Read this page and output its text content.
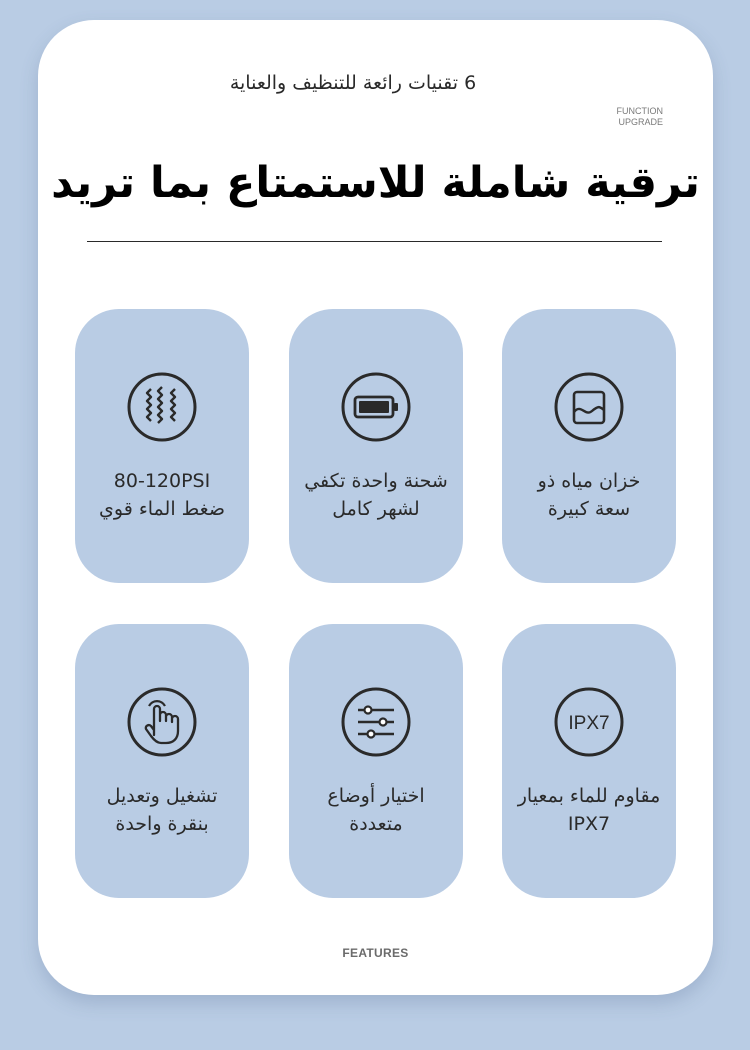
6 تقنيات رائعة للتنظيف والعناية
FUNCTION
UPGRADE
ترقية شاملة للاستمتاع بما تريد
خزان مياه ذو
سعة كبيرة
شحنة واحدة تكفي
لشهر كامل
80-120PSI
ضغط الماء قوي
IPX7
مقاوم للماء بمعيار
IPX7
اختيار أوضاع
متعددة
تشغيل وتعديل
بنقرة واحدة
FEATURES
